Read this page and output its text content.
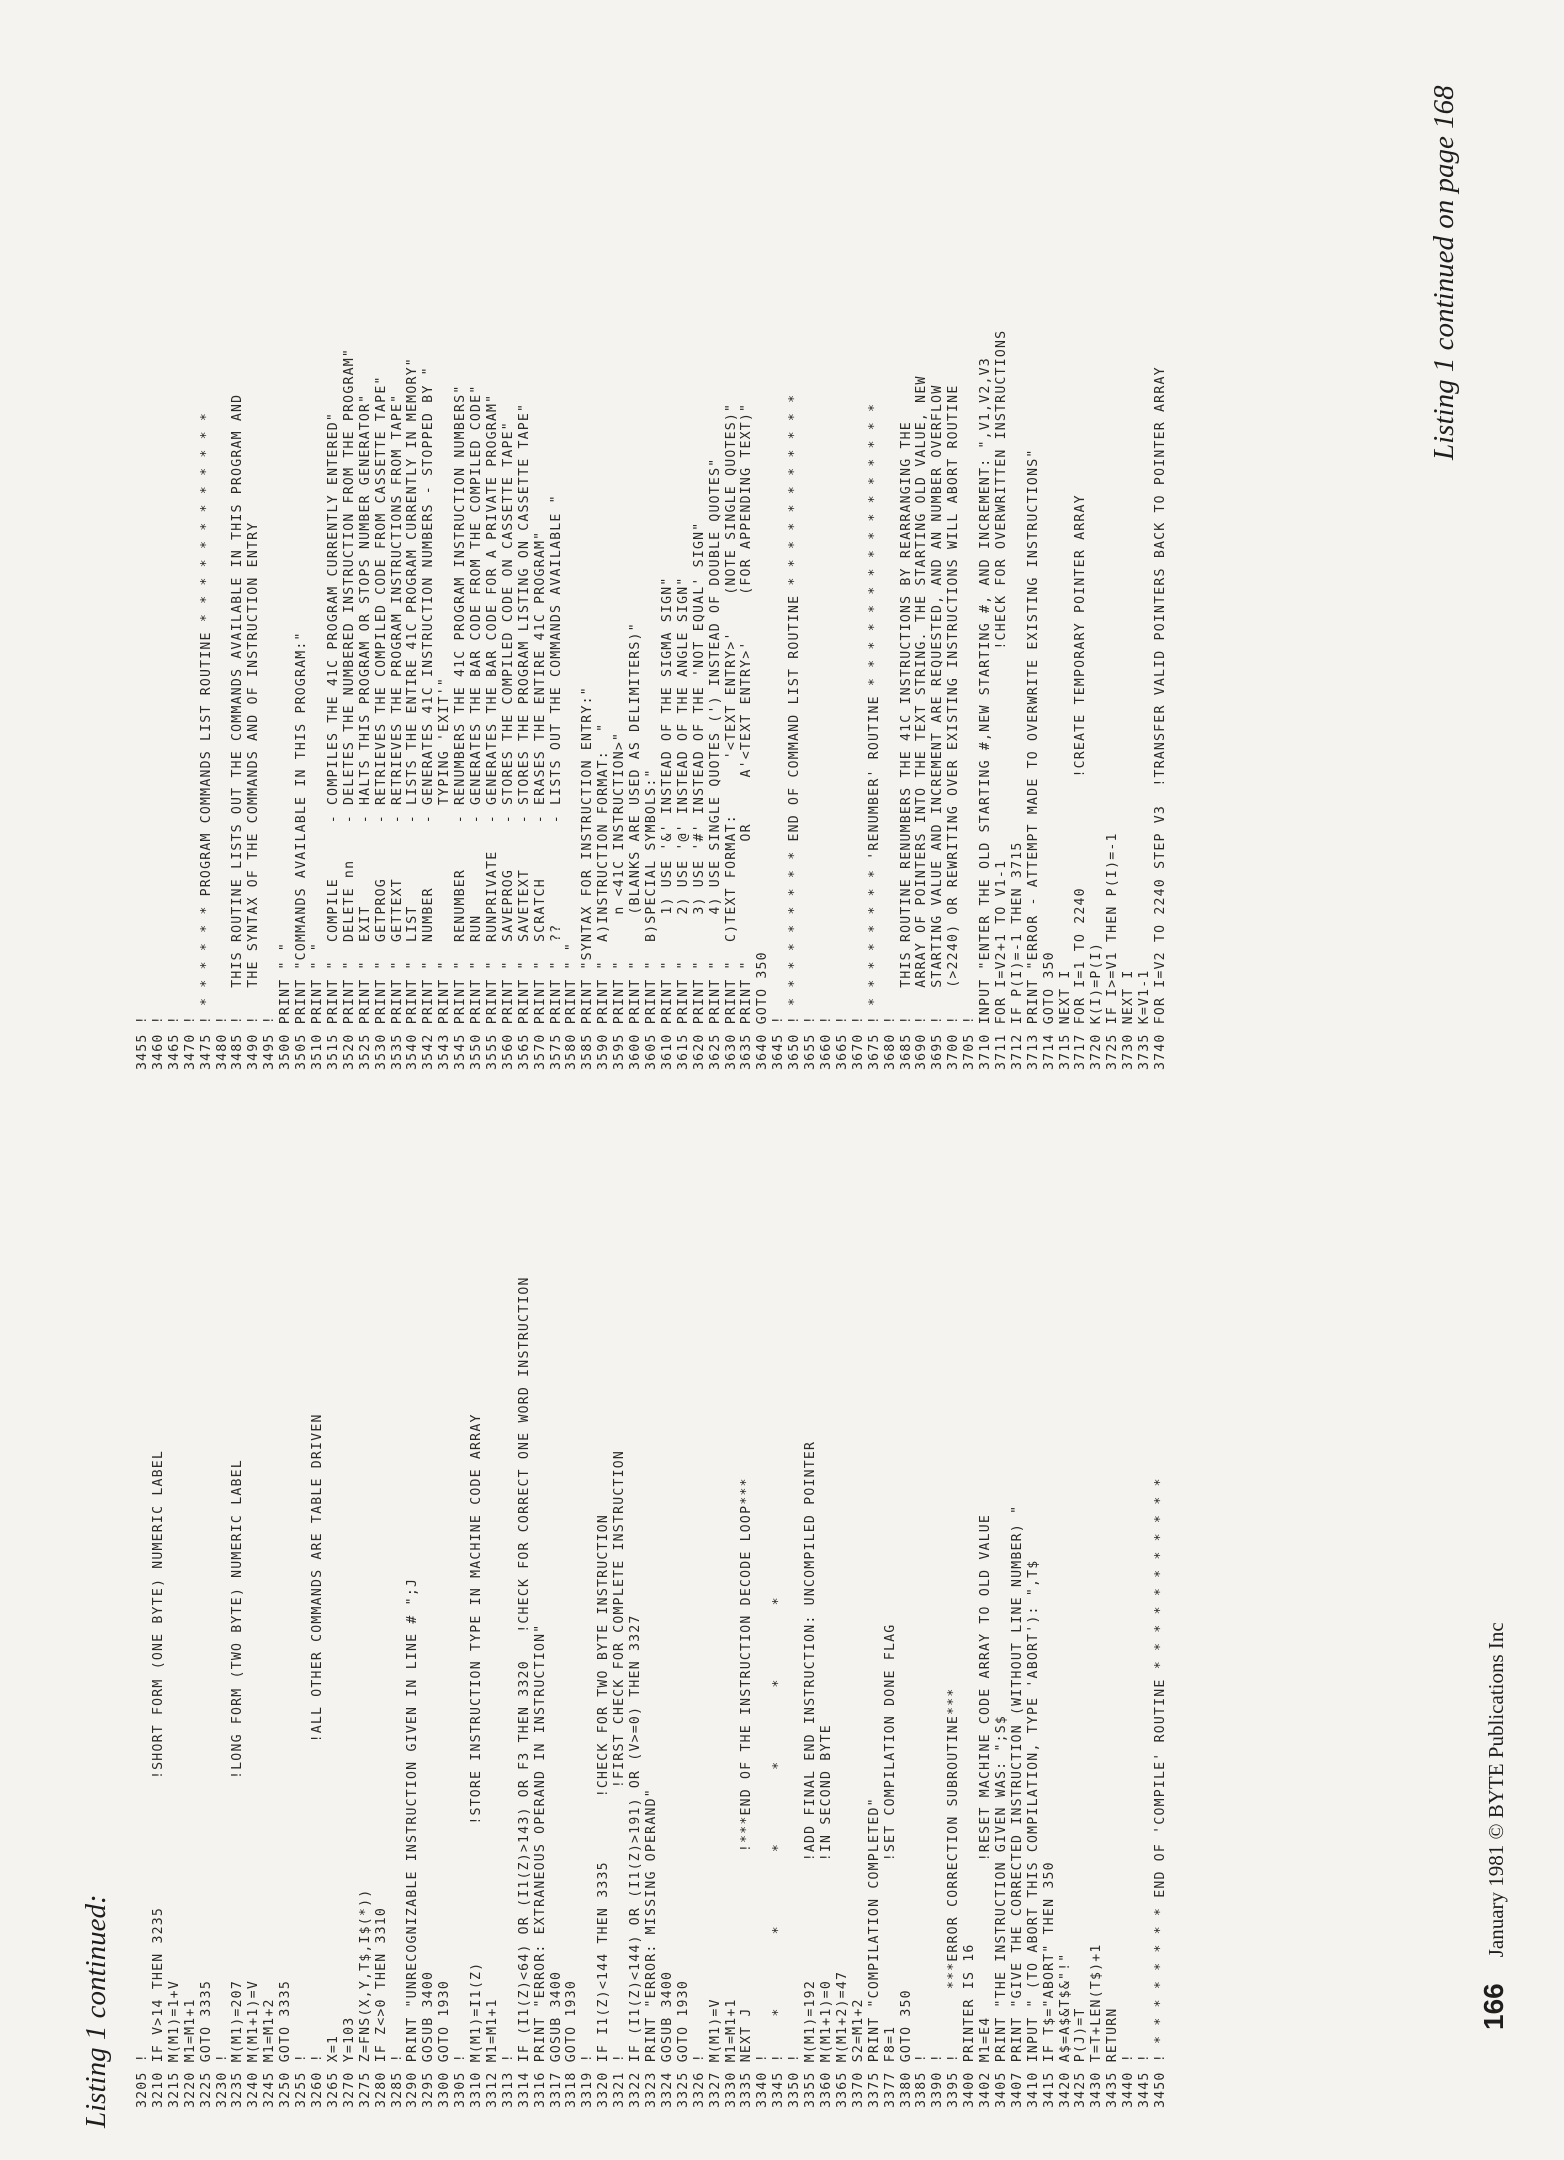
Listing 1 continued: 3205 ! 3210 IF V>14 THEN 3235              !SHORT FORM (ONE BYTE) NUMERIC LABEL 3215 M(M1)=1+V 3220 M1=M1+1 3225 GOTO 3335 3230 ! 3235 M(M1)=207                      !LONG FORM (TWO BYTE) NUMERIC LABEL 3240 M(M1+1)=V 3245 M1=M1+2 3250 GOTO 3335 3255 ! 3260 !                                  !ALL OTHER COMMANDS ARE TABLE DRIVEN 3265 X=1 3270 Y=103 3275 Z=FNS(X,Y,T$,I$(*)) 3280 IF Z<>0 THEN 3310 3285 ! 3290 PRINT "UNRECOGNIZABLE INSTRUCTION GIVEN IN LINE # ";J 3295 GOSUB 3400 3300 GOTO 1930 3305 ! 3310 M(M1)=I1(Z)               !STORE INSTRUCTION TYPE IN MACHINE CODE ARRAY 3312 M1=M1+1 3313 ! 3314 IF (I1(Z)<64) OR (I1(Z)>143) OR F3 THEN 3320   !CHECK FOR CORRECT ONE WORD INSTRUCTION 3316 PRINT "ERROR: EXTRANEOUS OPERAND IN INSTRUCTION" 3317 GOSUB 3400 3318 GOTO 1930 3319 ! 3320 IF I1(Z)<144 THEN 3335       !CHECK FOR TWO BYTE INSTRUCTION 3321 !                             !FIRST CHECK FOR COMPLETE INSTRUCTION 3322 IF (I1(Z)<144) OR (I1(Z)>191) OR (V>=0) THEN 3327 3323 PRINT "ERROR: MISSING OPERAND" 3324 GOSUB 3400 3325 GOTO 1930 3326 ! 3327 M(M1)=V 3330 M1=M1+1 3335 NEXT J                 !***END OF THE INSTRUCTION DECODE LOOP*** 3340 ! 3345 !    *        *        *        *        *        * 3350 ! 3355 M(M1)=192             !ADD FINAL END INSTRUCTION: UNCOMPILED POINTER 3360 M(M1+1)=0             !IN SECOND BYTE 3365 M(M1+2)=47 3370 S2=M1+2 3375 PRINT "COMPILATION COMPLETED" 3377 F8=1                  !SET COMPILATION DONE FLAG 3380 GOTO 350 3385 ! 3390 ! 3395 !       ***ERROR CORRECTION SUBROUTINE*** 3400 PRINTER IS 16 3402 M1=E4                 !RESET MACHINE CODE ARRAY TO OLD VALUE 3405 PRINT "THE INSTRUCTION GIVEN WAS: ";S$ 3407 PRINT "GIVE THE CORRECTED INSTRUCTION (WITHOUT LINE NUMBER) " 3410 INPUT " (TO ABORT THIS COMPILATION, TYPE 'ABORT'): ",T$ 3415 IF T$="ABORT" THEN 350 3420 A$=A$&T$&"!" 3425 P(J)=T 3430 T=T+LEN(T$)+1 3435 RETURN 3440 ! 3445 ! 3450 ! * * * * * * * * END OF 'COMPILE' ROUTINE * * * * * * * * * * *
3455 ! 3460 ! 3465 ! 3470 ! 3475 ! * * * * * * PROGRAM COMMANDS LIST ROUTINE * * * * * * * * * * * * 3480 ! 3485 !   THIS ROUTINE LISTS OUT THE COMMANDS AVAILABLE IN THIS PROGRAM AND 3490 !   THE SYNTAX OF THE COMMANDS AND OF INSTRUCTION ENTRY 3495 ! 3500 PRINT " " 3505 PRINT "COMMANDS AVAILABLE IN THIS PROGRAM:" 3510 PRINT " " 3515 PRINT "  COMPILE      - COMPILES THE 41C PROGRAM CURRENTLY ENTERED" 3520 PRINT "  DELETE nn    - DELETES THE NUMBERED INSTRUCTION FROM THE PROGRAM" 3525 PRINT "  EXIT         - HALTS THIS PROGRAM OR STOPS NUMBER GENERATOR" 3530 PRINT "  GETPROG      - RETRIEVES THE COMPILED CODE FROM CASSETTE TAPE" 3535 PRINT "  GETTEXT      - RETRIEVES THE PROGRAM INSTRUCTIONS FROM TAPE" 3540 PRINT "  LIST         - LISTS THE ENTIRE 41C PROGRAM CURRENTLY IN MEMORY" 3542 PRINT "  NUMBER       - GENERATES 41C INSTRUCTION NUMBERS - STOPPED BY " 3543 PRINT "                 TYPING 'EXIT'" 3545 PRINT "  RENUMBER     - RENUMBERS THE 41C PROGRAM INSTRUCTION NUMBERS" 3550 PRINT "  RUN          - GENERATES THE BAR CODE FROM THE COMPILED CODE" 3555 PRINT "  RUNPRIVATE   - GENERATES THE BAR CODE FOR A PRIVATE PROGRAM" 3560 PRINT "  SAVEPROG     - STORES THE COMPILED CODE ON CASSETTE TAPE" 3565 PRINT "  SAVETEXT     - STORES THE PROGRAM LISTING ON CASSETTE TAPE" 3570 PRINT "  SCRATCH      - ERASES THE ENTIRE 41C PROGRAM" 3575 PRINT "  ??           - LISTS OUT THE COMMANDS AVAILABLE " 3580 PRINT " " 3585 PRINT "SYNTAX FOR INSTRUCTION ENTRY:" 3590 PRINT "  A)INSTRUCTION FORMAT:  " 3595 PRINT "     n <41C INSTRUCTION>" 3600 PRINT "     (BLANKS ARE USED AS DELIMITERS)" 3605 PRINT "  B)SPECIAL SYMBOLS:" 3610 PRINT "     1) USE '&' INSTEAD OF THE SIGMA SIGN" 3615 PRINT "     2) USE '@' INSTEAD OF THE ANGLE SIGN" 3620 PRINT "     3) USE '#' INSTEAD OF THE 'NOT EQUAL' SIGN" 3625 PRINT "     4) USE SINGLE QUOTES (') INSTEAD OF DOUBLE QUOTES" 3630 PRINT "  C)TEXT FORMAT:      '<TEXT ENTRY>'    (NOTE SINGLE QUOTES)" 3635 PRINT "             OR     A'<TEXT ENTRY>'     (FOR APPENDING TEXT)" 3640 GOTO 350 3645 ! 3650 ! * * * * * * * * * END OF COMMAND LIST ROUTINE * * * * * * * * * * * 3655 ! 3660 ! 3665 ! 3670 ! 3675 ! * * * * * * * * 'RENUMBER' ROUTINE * * * * * * * * * * * * * * * * 3680 ! 3685 !   THIS ROUTINE RENUMBERS THE 41C INSTRUCTIONS BY REARRANGING THE 3690 !   ARRAY OF POINTERS INTO THE TEXT STRING. THE STARTING OLD VALUE, NEW 3695 !   STARTING VALUE AND INCREMENT ARE REQUESTED, AND AN NUMBER OVERFLOW 3700 !   (>2240) OR REWRITING OVER EXISTING INSTRUCTIONS WILL ABORT ROUTINE 3705 ! 3710 INPUT "ENTER THE OLD STARTING #,NEW STARTING #, AND INCREMENT: ",V1,V2,V3 3711 FOR I=V2+1 TO V1-1                       !CHECK FOR OVERWRITTEN INSTRUCTIONS 3712 IF P(I)=-1 THEN 3715 3713 PRINT "ERROR - ATTEMPT MADE TO OVERWRITE EXISTING INSTRUCTIONS" 3714 GOTO 350 3715 NEXT I 3717 FOR I=1 TO 2240            !CREATE TEMPORARY POINTER ARRAY 3720 K(I)=P(I) 3725 IF I>=V1 THEN P(I)=-1 3730 NEXT I 3735 K=V1-1 3740 FOR I=V2 TO 2240 STEP V3  !TRANSFER VALID POINTERS BACK TO POINTER ARRAY
Listing 1 continued on page 168
166 January 1981 © BYTE Publications Inc
